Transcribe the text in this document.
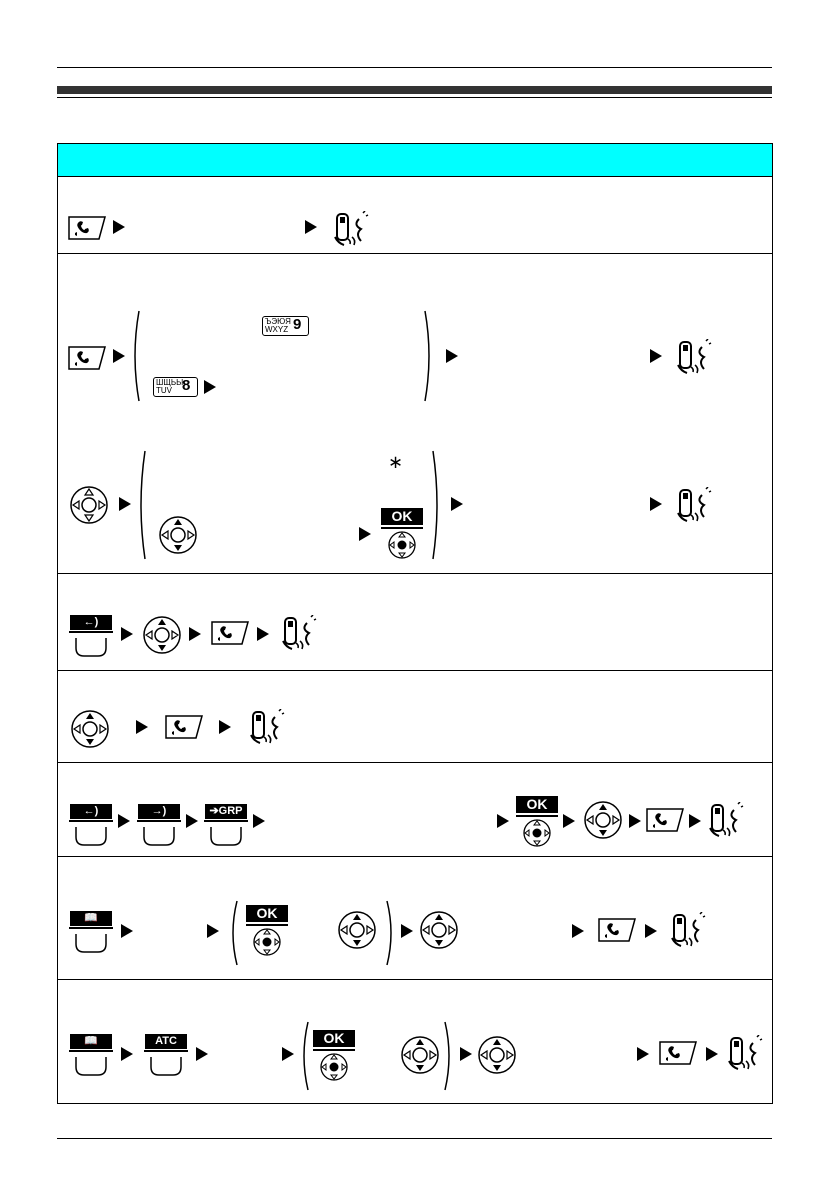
ЪЭЮЯ
WXYZ 9
ШЩЬЫ
TUV 8
∗
OK
←)
←)	→)	➔GRP	OK
📖	OK
📖	ATC	OK
